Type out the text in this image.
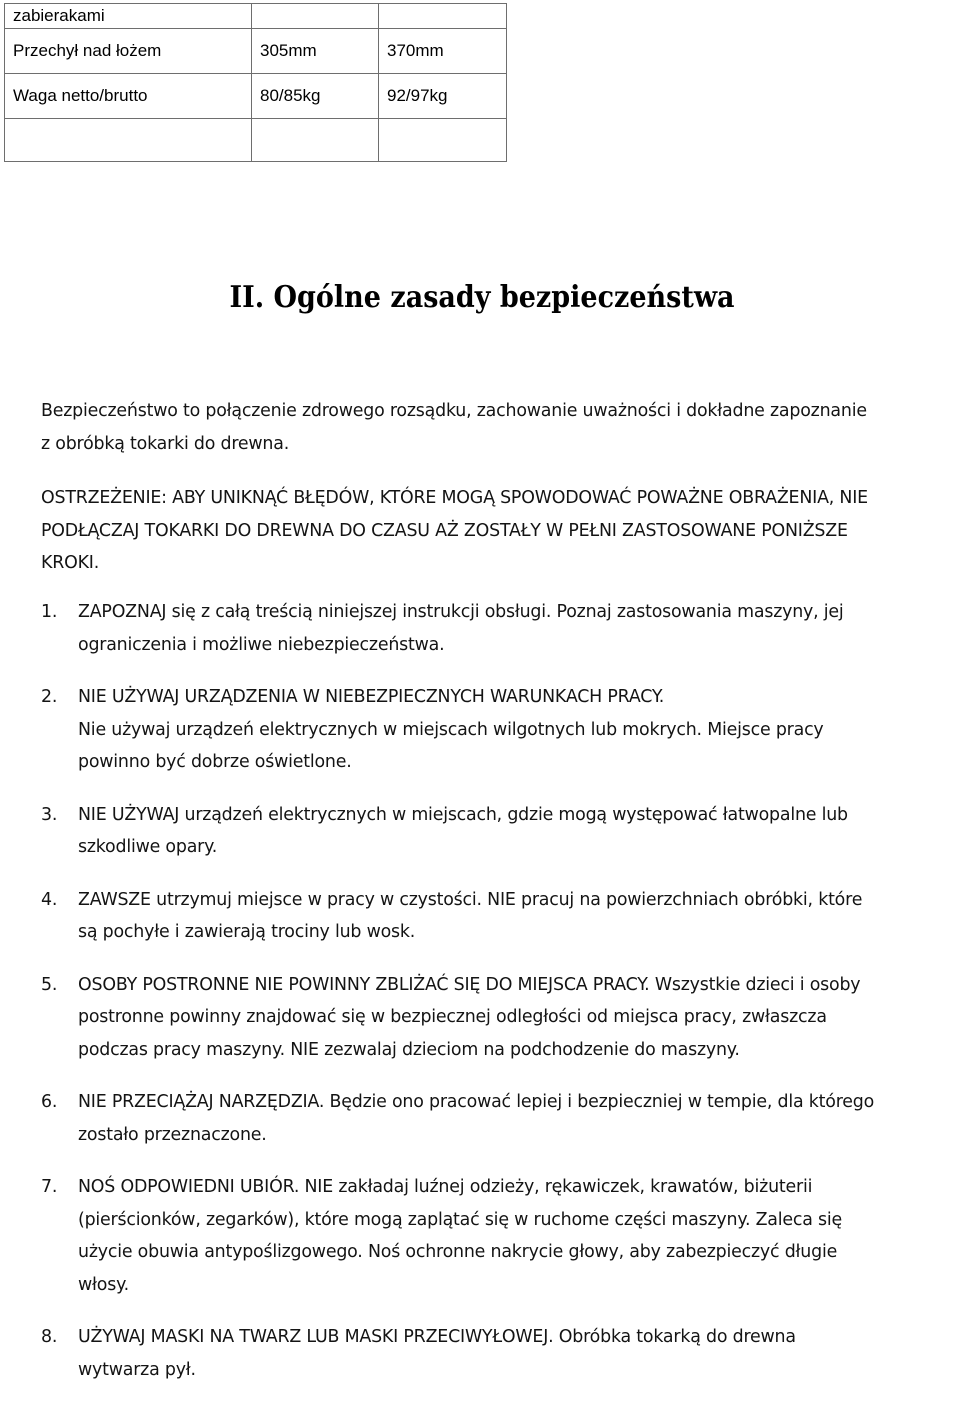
zabierakami		
Przechył nad łożem	305mm	370mm
Waga netto/brutto	80/85kg	92/97kg

II. Ogólne zasady bezpieczeństwa
Bezpieczeństwo to połączenie zdrowego rozsądku, zachowanie uważności i dokładne zapoznanie
z obróbką tokarki do drewna.
OSTRZEŻENIE: ABY UNIKNĄĆ BŁĘDÓW, KTÓRE MOGĄ SPOWODOWAĆ POWAŻNE OBRAŻENIA, NIE
PODŁĄCZAJ TOKARKI DO DREWNA DO CZASU AŻ ZOSTAŁY W PEŁNI ZASTOSOWANE PONIŻSZE
KROKI.
1. ZAPOZNAJ się z całą treścią niniejszej instrukcji obsługi. Poznaj zastosowania maszyny, jej
ograniczenia i możliwe niebezpieczeństwa.
2. NIE UŻYWAJ URZĄDZENIA W NIEBEZPIECZNYCH WARUNKACH PRACY.
Nie używaj urządzeń elektrycznych w miejscach wilgotnych lub mokrych. Miejsce pracy
powinno być dobrze oświetlone.
3. NIE UŻYWAJ urządzeń elektrycznych w miejscach, gdzie mogą występować łatwopalne lub
szkodliwe opary.
4. ZAWSZE utrzymuj miejsce w pracy w czystości. NIE pracuj na powierzchniach obróbki, które
są pochyłe i zawierają trociny lub wosk.
5. OSOBY POSTRONNE NIE POWINNY ZBLIŻAĆ SIĘ DO MIEJSCA PRACY. Wszystkie dzieci i osoby
postronne powinny znajdować się w bezpiecznej odległości od miejsca pracy, zwłaszcza
podczas pracy maszyny. NIE zezwalaj dzieciom na podchodzenie do maszyny.
6. NIE PRZECIĄŻAJ NARZĘDZIA. Będzie ono pracować lepiej i bezpieczniej w tempie, dla którego
zostało przeznaczone.
7. NOŚ ODPOWIEDNI UBIÓR. NIE zakładaj luźnej odzieży, rękawiczek, krawatów, biżuterii
(pierścionków, zegarków), które mogą zaplątać się w ruchome części maszyny. Zaleca się
użycie obuwia antypoślizgowego. Noś ochronne nakrycie głowy, aby zabezpieczyć długie
włosy.
8. UŻYWAJ MASKI NA TWARZ LUB MASKI PRZECIWYŁOWEJ. Obróbka tokarką do drewna
wytwarza pył.
